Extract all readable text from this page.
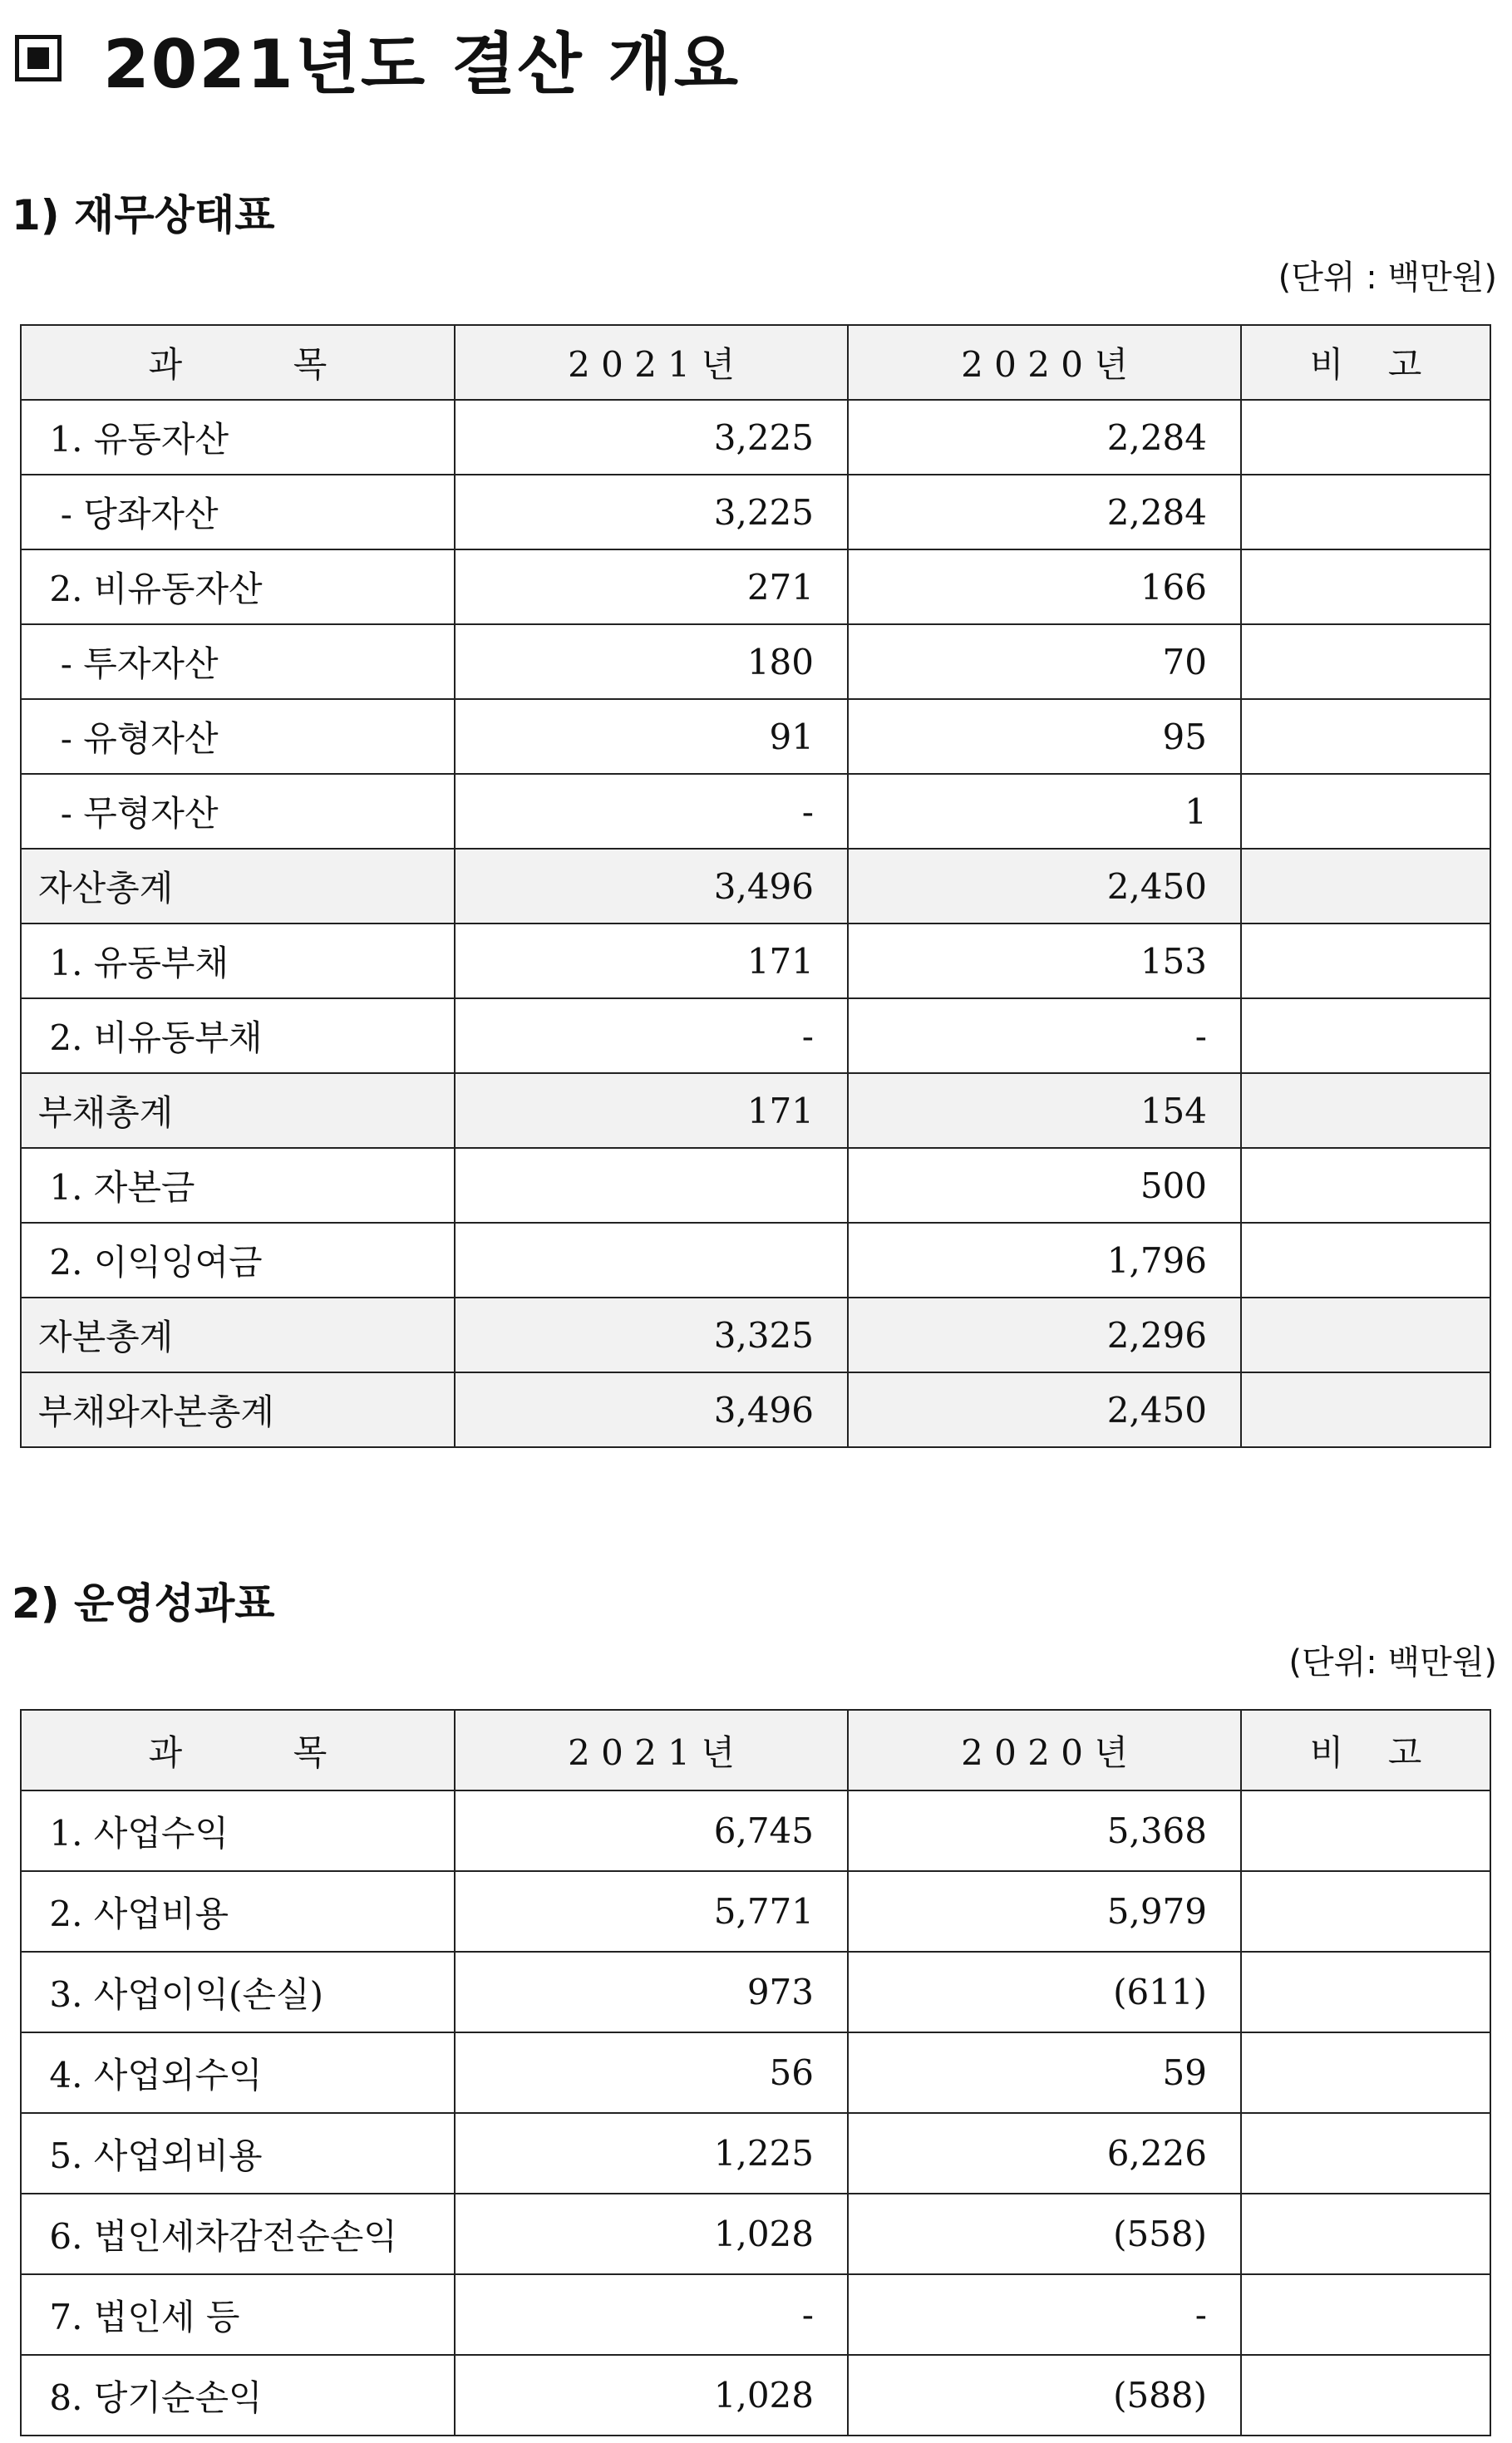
2021년도 결산 개요
1) 재무상태표
(단위 : 백만원)
과          목	2 0 2 1 년	2 0 2 0 년	비    고
1. 유동자산	3,225	2,284	
- 당좌자산	3,225	2,284	
2. 비유동자산	271	166	
- 투자자산	180	70	
- 유형자산	91	95	
- 무형자산	-	1	
자산총계	3,496	2,450	
1. 유동부채	171	153	
2. 비유동부채	-	-	
부채총계	171	154	
1. 자본금		500	
2. 이익잉여금		1,796	
자본총계	3,325	2,296	
부채와자본총계	3,496	2,450	
2) 운영성과표
(단위: 백만원)
과          목	2 0 2 1 년	2 0 2 0 년	비    고
1. 사업수익	6,745	5,368	
2. 사업비용	5,771	5,979	
3. 사업이익(손실)	973	(611)	
4. 사업외수익	56	59	
5. 사업외비용	1,225	6,226	
6. 법인세차감전순손익	1,028	(558)	
7. 법인세 등	-	-	
8. 당기순손익	1,028	(588)	
